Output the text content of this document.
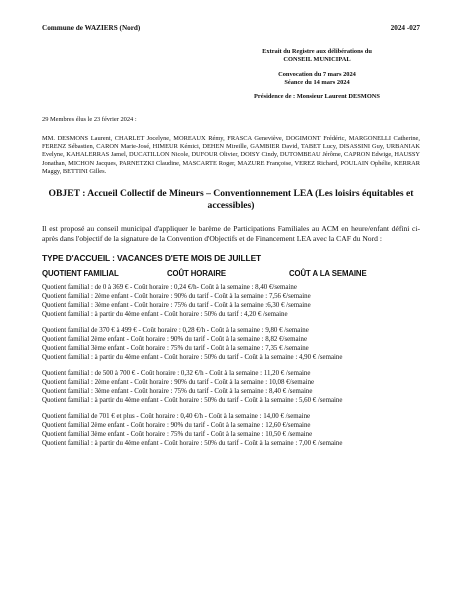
Commune de WAZIERS (Nord)	2024 -027
Extrait du Registre aux délibérations du
CONSEIL MUNICIPAL
Convocation du 7 mars 2024
Séance du 14 mars 2024
Présidence de : Monsieur Laurent DESMONS
29 Membres élus le 23 février 2024 :
MM. DESMONS Laurent, CHARLET Jocelyne, MOREAUX Rémy, FRASCA Geneviève, DOGIMONT Frédéric, MARGONELLI Catherine, FERENZ Sébastien, CARON Marie-José, HIMEUR Kémici, DEHEN Mireille, GAMBIER David, TABET Lucy, DISASSINI Guy, URBANIAK Evelyne, KAHALERRAS Jamel, DUCATILLON Nicole, DUFOUR Olivier, DOISY Cindy, DUTOMBEAU Jérôme, CAPRON Edwige, HAUSSY Jonathan, MICHON Jacques, PARNETZKI Claudine, MASCARTE Roger, MAZURE Françoise, VEREZ Richard, POULAIN Ophélie, KERRAR Maggy, BETTINI Gilles.
OBJET : Accueil Collectif de Mineurs – Conventionnement LEA (Les loisirs équitables et accessibles)
Il est proposé au conseil municipal d'appliquer le barème de Participations Familiales au ACM en heure/enfant défini ci-après dans l'objectif de la signature de la Convention d'Objectifs et de Financement LEA avec la CAF du Nord :
TYPE D'ACCUEIL : VACANCES D'ETE MOIS DE JUILLET
QUOTIENT FAMILIAL	COÛT HORAIRE	COÛT A LA SEMAINE
Quotient familial : de 0 à 369 € - Coût horaire : 0,24 €/h- Coût à la semaine : 8,40 €/semaine
Quotient familial : 2ème enfant - Coût horaire : 90% du tarif - Coût à la semaine : 7,56 €/semaine
Quotient familial : 3ème enfant - Coût horaire : 75% du tarif - Coût à la semaine :6,30 € /semaine
Quotient familial : à partir du 4ème enfant - Coût horaire : 50% du tarif : 4,20 € /semaine
Quotient familial de 370 € à 499 € - Coût horaire : 0,28 €/h - Coût à la semaine : 9,80 € /semaine
Quotient familial 2ème enfant - Coût horaire : 90% du tarif - Coût à la semaine : 8,82 €/semaine
Quotient familial 3ème enfant - Coût horaire : 75% du tarif - Coût à la semaine : 7,35 € /semaine
Quotient familial : à partir du 4ème enfant - Coût horaire : 50% du tarif - Coût à la semaine : 4,90 € /semaine
Quotient familial : de 500 à 700 € - Coût horaire : 0,32 €/h - Coût à la semaine : 11,20 € /semaine
Quotient familial : 2ème enfant - Coût horaire : 90% du tarif - Coût à la semaine : 10,08 €/semaine
Quotient familial : 3ème enfant - Coût horaire : 75% du tarif - Coût à la semaine : 8,40 € /semaine
Quotient familial : à partir du 4ème enfant - Coût horaire : 50% du tarif - Coût à la semaine : 5,60 € /semaine
Quotient familial de 701 € et plus - Coût horaire : 0,40 €/h - Coût à la semaine : 14,00 € /semaine
Quotient familial 2ème enfant - Coût horaire : 90% du tarif - Coût à la semaine : 12,60 €/semaine
Quotient familial 3ème enfant - Coût horaire : 75% du tarif - Coût à la semaine : 10,50 € /semaine
Quotient familial : à partir du 4ème enfant - Coût horaire : 50% du tarif - Coût à la semaine : 7,00 € /semaine
